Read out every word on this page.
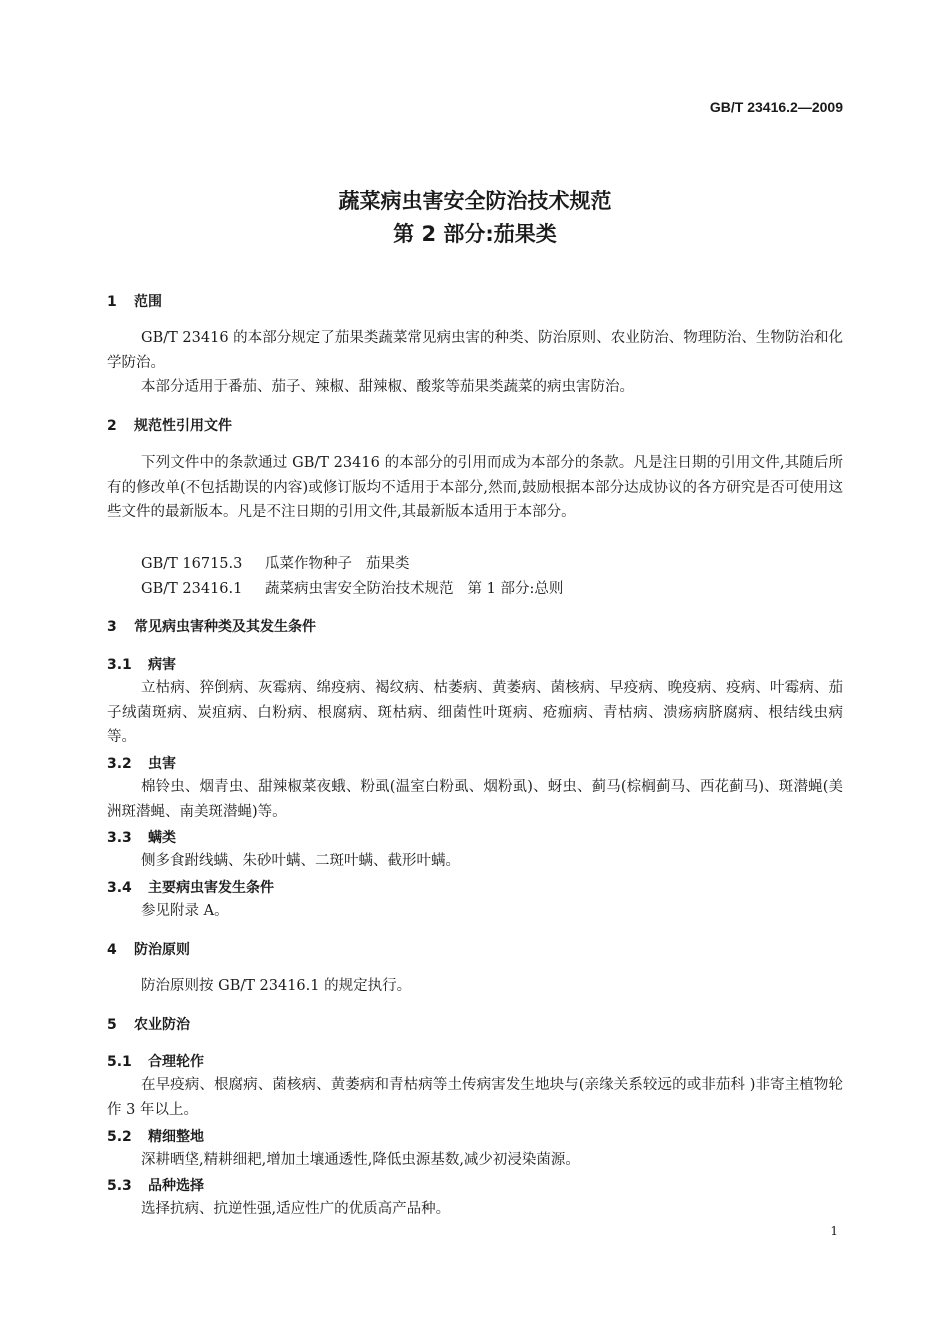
GB/T 23416.2—2009
蔬菜病虫害安全防治技术规范
第 2 部分:茄果类
1 范围
GB/T 23416 的本部分规定了茄果类蔬菜常见病虫害的种类、防治原则、农业防治、物理防治、生物防治和化学防治。
本部分适用于番茄、茄子、辣椒、甜辣椒、酸浆等茄果类蔬菜的病虫害防治。
2 规范性引用文件
下列文件中的条款通过 GB/T 23416 的本部分的引用而成为本部分的条款。凡是注日期的引用文件,其随后所有的修改单(不包括勘误的内容)或修订版均不适用于本部分,然而,鼓励根据本部分达成协议的各方研究是否可使用这些文件的最新版本。凡是不注日期的引用文件,其最新版本适用于本部分。
GB/T 16715.3 瓜菜作物种子 茄果类
GB/T 23416.1 蔬菜病虫害安全防治技术规范 第 1 部分:总则
3 常见病虫害种类及其发生条件
3.1 病害
立枯病、猝倒病、灰霉病、绵疫病、褐纹病、枯萎病、黄萎病、菌核病、早疫病、晚疫病、疫病、叶霉病、茄子绒菌斑病、炭疽病、白粉病、根腐病、斑枯病、细菌性叶斑病、疮痂病、青枯病、溃疡病脐腐病、根结线虫病等。
3.2 虫害
棉铃虫、烟青虫、甜辣椒菜夜蛾、粉虱(温室白粉虱、烟粉虱)、蚜虫、蓟马(棕榈蓟马、西花蓟马)、斑潜蝇(美洲斑潜蝇、南美斑潜蝇)等。
3.3 螨类
侧多食跗线螨、朱砂叶螨、二斑叶螨、截形叶螨。
3.4 主要病虫害发生条件
参见附录 A。
4 防治原则
防治原则按 GB/T 23416.1 的规定执行。
5 农业防治
5.1 合理轮作
在早疫病、根腐病、菌核病、黄萎病和青枯病等土传病害发生地块与(亲缘关系较远的或非茄科 )非寄主植物轮作 3 年以上。
5.2 精细整地
深耕晒垡,精耕细耙,增加土壤通透性,降低虫源基数,减少初浸染菌源。
5.3 品种选择
选择抗病、抗逆性强,适应性广的优质高产品种。
1
